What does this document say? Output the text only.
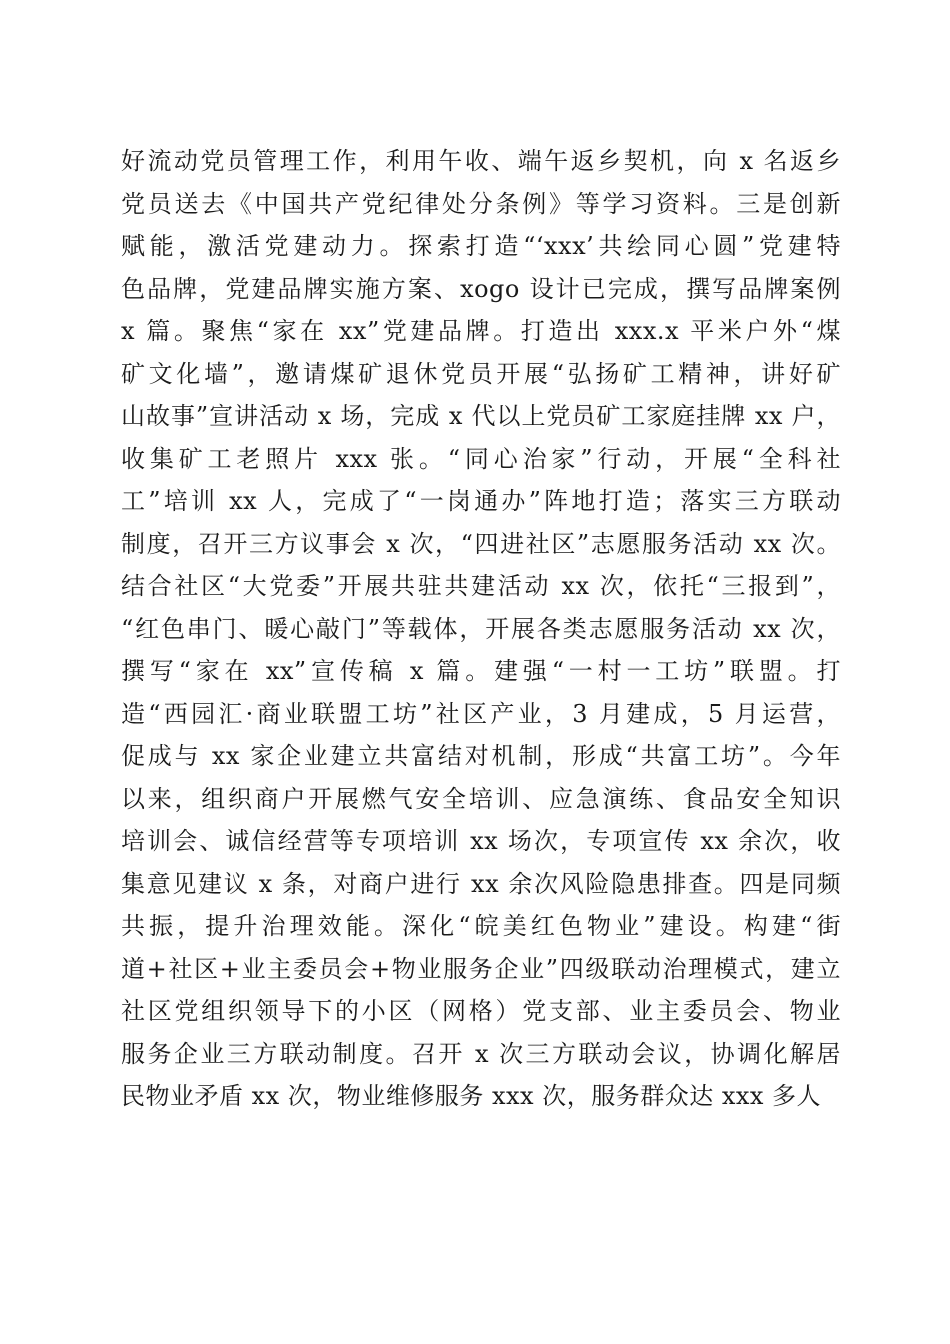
好流动党员管理工作，利用午收、端午返乡契机，向 x 名返乡
党员送去《中国共产党纪律处分条例》等学习资料。三是创新
赋能，激活党建动力。探索打造“‘xxx’共绘同心圆”党建特
色品牌，党建品牌实施方案、xogo 设计已完成，撰写品牌案例
x 篇。聚焦“家在 xx”党建品牌。打造出 xxx.x 平米户外“煤
矿文化墙”，邀请煤矿退休党员开展“弘扬矿工精神，讲好矿
山故事”宣讲活动 x 场，完成 x 代以上党员矿工家庭挂牌 xx 户，
收集矿工老照片 xxx 张。“同心治家”行动，开展“全科社
工”培训 xx 人，完成了“一岗通办”阵地打造；落实三方联动
制度，召开三方议事会 x 次，“四进社区”志愿服务活动 xx 次。
结合社区“大党委”开展共驻共建活动 xx 次，依托“三报到”，
“红色串门、暖心敲门”等载体，开展各类志愿服务活动 xx 次，
撰写“家在 xx”宣传稿 x 篇。建强“一村一工坊”联盟。打
造“西园汇·商业联盟工坊”社区产业，3 月建成，5 月运营，
促成与 xx 家企业建立共富结对机制，形成“共富工坊”。今年
以来，组织商户开展燃气安全培训、应急演练、食品安全知识
培训会、诚信经营等专项培训 xx 场次，专项宣传 xx 余次，收
集意见建议 x 条，对商户进行 xx 余次风险隐患排查。四是同频
共振，提升治理效能。深化“皖美红色物业”建设。构建“街
道+社区+业主委员会+物业服务企业”四级联动治理模式，建立
社区党组织领导下的小区（网格）党支部、业主委员会、物业
服务企业三方联动制度。召开 x 次三方联动会议，协调化解居
民物业矛盾 xx 次，物业维修服务 xxx 次，服务群众达 xxx 多人
